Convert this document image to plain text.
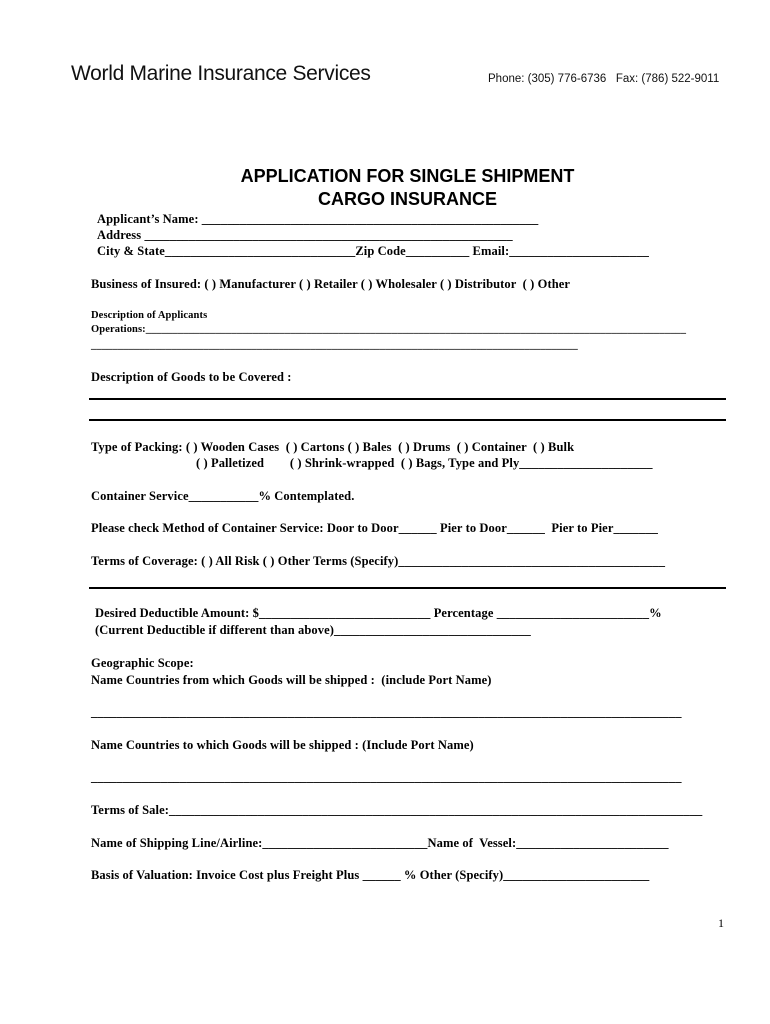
World Marine Insurance Services	Phone: (305) 776-6736   Fax: (786) 522-9011
APPLICATION FOR SINGLE SHIPMENT
CARGO INSURANCE
Applicant’s Name: _____________________________________________________
Address __________________________________________________________
City & State______________________________Zip Code__________ Email:______________________
Business of Insured: ( ) Manufacturer ( ) Retailer ( ) Wholesaler ( ) Distributor  ( ) Other
Description of Applicants
Operations:_____________________________________________________________________________________________________
___________________________________________________________________________________________
Description of Goods to be Covered :
Type of Packing: ( ) Wooden Cases  ( ) Cartons ( ) Bales  ( ) Drums  ( ) Container  ( ) Bulk
( ) Palletized        ( ) Shrink-wrapped  ( ) Bags, Type and Ply_____________________
Container Service___________% Contemplated.
Please check Method of Container Service: Door to Door______ Pier to Door______  Pier to Pier_______
Terms of Coverage: ( ) All Risk ( ) Other Terms (Specify)__________________________________________
Desired Deductible Amount: $___________________________ Percentage ________________________%
(Current Deductible if different than above)_______________________________
Geographic Scope:
Name Countries from which Goods will be shipped :  (include Port Name)
_____________________________________________________________________________________________
Name Countries to which Goods will be shipped : (Include Port Name)
_____________________________________________________________________________________________
Terms of Sale:____________________________________________________________________________________
Name of Shipping Line/Airline:__________________________Name of  Vessel:________________________
Basis of Valuation: Invoice Cost plus Freight Plus ______ % Other (Specify)_______________________
1
